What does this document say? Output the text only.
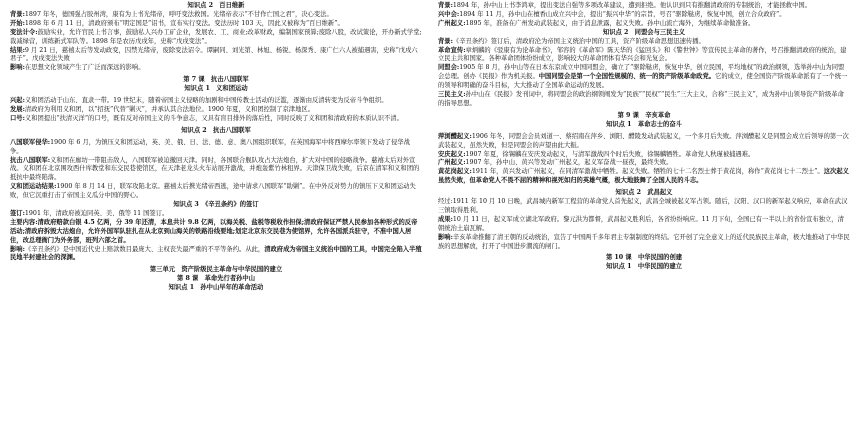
知识点 2　百日维新

背景:1897 年冬，德国强占胶州湾，康有为上书光绪帝，呼吁变法救国。光绪帝表示“不甘作亡国之君”，决心变法。

开始:1898 年 6 月 11 日，清政府颁布“明定国是”诏书，宣布实行变法。变法历时 103 天，因此又被称为“百日维新”。

变法计令:鼓励实业，允许官民上书言事，鼓励私人兴办工矿企业，发展农、工、商业;改革财政，编制国家预算;废除八股，改试策论，开办新式学堂;裁减绿营，训练新式军队等。1898 年是农历戊戌年，史称“戊戌变法”。

结果:9 月 21 日，慈禧太后等发动政变，囚禁光绪帝，废除变法诏令。谭嗣同、刘光第、林旭、杨锐、杨深秀、康广仁六人被捕遇害，史称“戊戌六君子”。戊戌变法失败

影响:在思想文化领域产生了广泛而深远的影响。

第 7 课　抗击八国联军

知识点 1　义和团运动

兴起:义和团活动于山东、直隶一带。19 世纪末，随着帝国主义侵略的加剧和中国传教士活动的泛滥，逐渐由反清转变为反帝斗争组织。

发展:清政府为利用义和团，以“招抚”代替“剿灭”，并承认其合法地位。1900 年夏，义和团控制了京津地区。

口号:义和团提出“扶清灭洋”的口号，既有反对帝国主义的斗争意志，又具有盲目排外的落后性，同时反映了义和团和清政府的本质认识不清。

知识点 2　抗击八国联军

八国联军侵华:1900 年 6 月，为镇压义和团运动，英、美、俄、日、法、德、意、奥八国组织联军，在英国海军中将西摩尔率领下发动了侵华战争。

抗击八国联军:义和团在廊坊一带阻击敌人，八国联军被迫撤回天津。同时，各国联合舰队攻占大沽炮台，扩大对中国的侵略战争。慈禧太后对外宣战。义和团在北京围攻西什库教堂和东交民巷使馆区，在天津老龙头火车站展开激战，并炮轰紫竹林租界。天津保卫战失败，后京在清军和义和团的抵抗中最终陷落。

义和团运动结果:1900 年 8 月 14 日，联军攻陷北京。慈禧太后携光绪帝西逃，途中请求八国联军“助剿”。在中外反对势力的镇压下义和团运动失败，但它沉重打击了帝国主义瓜分中国的野心。

知识点 3　《辛丑条约》的签订

签订:1901 年，清政府被迫同英、美、俄等 11 国签订。

主要内容:清政府赔款白银 4.5 亿两，分 39 年还清，本息共计 9.8 亿两，以海关税、盐税等税收作担保;清政府保证严禁人民参加各种形式的反帝活动;清政府拆毁大沽炮台，允许外国军队驻扎在从北京到山海关的铁路沿线要地;划定北京东交民巷为使馆界，允许各国派兵驻守，不准中国人居住，改总理衙门为外务部，班列六部之首。

影响:《辛丑条约》是中国近代史上赔款数目最庞大、主权丧失最严重的不平等条约。从此，清政府成为帝国主义统治中国的工具，中国完全陷入半殖民地半封建社会的深渊。

第三单元　资产阶级民主革命与中华民国的建立

第 8 课　革命先行者孙中山

知识点 1　孙中山早年的革命活动

背景:1894 年，孙中山上书李鸿章，提出变法自强等多项改革建议，遭到拒绝。他认识到只有推翻清政府的专制统治，才能拯救中国。

兴中会:1894 年 11 月，孙中山在檀香山成立兴中会，提出“振兴中华”的宗旨，号召“驱除鞑虏，恢复中国，创立合众政府”。

广州起义:1895 年，准备在广州发动武装起义，由于消息泄露，起义失败。孙中山流亡海外，为继续革命做准备。

知识点 2　同盟会与三民主义

背景:《辛丑条约》签订后，清政府沦为帝国主义统治中国的工具，资产阶级革命思想迅速传播。

革命宣传:章炳麟的《驳康有为论革命书》，邹容的《革命军》陈天华的《猛回头》和《警世钟》等宣传民主革命的著作，号召推翻清政府的统治，建立民主共和国家。各种革命团体纷纷成立，影响较大的革命团体有华兴会和光复会。

同盟会:1905 年 8 月，孙中山等在日本东京成立中国同盟会，确立了“驱除鞑虏，恢复中华，创立民国，平均地权”的政治纲领，选举孙中山为同盟会总理。创办《民报》作为机关报。中国同盟会是第一个全国性规模的、统一的资产阶级革命政党。它的成立，使全国资产阶级革命派有了一个统一的领导和明确的奋斗目标，大大推动了全国革命运动的发展。

三民主义:孙中山在《民报》发刊词中，将同盟会的政治纲领阐发为“民族”“民权”“民生”三大主义，合称“三民主义”，成为孙中山领导资产阶级革命的指导思想。

第 9 课　辛亥革命

知识点 1　革命志士的奋斗

萍浏醴起义:1906 年冬，同盟会会员刘道一、蔡绍南在萍乡、浏阳、醴陵发动武装起义，一个多月后失败。萍浏醴起义是同盟会成立后领导的第一次武装起义，虽然失败，但是同盟会的声望由此大振。

安庆起义:1907 年夏，徐锡麟在安庆发动起义，与清军激战四个时后失败，徐锡麟牺牲。革命党人秋瑾被捕遇难。

广州起义:1907 年，孙中山、黄兴等发动广州起义，起义军奋战一昼夜，最终失败。

黄花岗起义:1911 年，黄兴发动广州起义，在同清军激战中牺牲。起义失败。牺牲的七十二名烈士葬于黄花岗，称作“黄花岗七十二烈士”。这次起义虽然失败，但革命党人不畏不屈的精神和视死如归的英雄气概，极大地鼓舞了全国人民的斗志。

知识点 2　武昌起义

经过:1911 年 10 月 10 日晚，武昌城内新军工程营的革命党人首先起义，武昌全城被起义军占领。随后，汉阳、汉口的新军起义响应，革命在武汉三镇取得胜利。

成果:10 月 11 日，起义军成立湖北军政府。黎元洪为都督，武昌起义胜利后，各省纷纷响应。11 月下旬，全国已有一半以上的省份宣布独立，清朝统治土崩瓦解。

影响:辛亥革命推翻了清王朝的反动统治，宣告了中国两千多年君主专制制度的终结。它开创了完全意义上的近代民族民主革命，极大地推动了中华民族的思想解放，打开了中国进步潮流的闸门。

第 10 课　中华民国的创建

知识点 1　中华民国的建立
